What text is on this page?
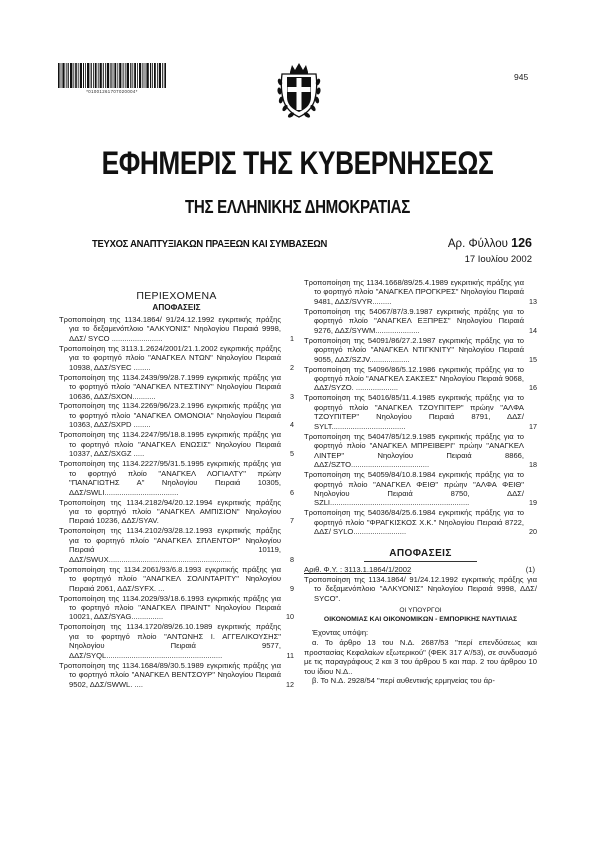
*01001261707020004*
945
ΕΦΗΜΕΡΙΣ ΤΗΣ ΚΥΒΕΡΝΗΣΕΩΣ
ΤΗΣ ΕΛΛΗΝΙΚΗΣ ΔΗΜΟΚΡΑΤΙΑΣ
ΤΕΥΧΟΣ ΑΝΑΠΤΥΞΙΑΚΩΝ ΠΡΑΞΕΩΝ ΚΑΙ ΣΥΜΒΑΣΕΩΝ	Αρ. Φύλλου 126
17 Ιουλίου 2002
ΠΕΡΙΕΧΟΜΕΝΑ
ΑΠΟΦΑΣΕΙΣ
Τροποποίηση της 1134.1864/ 91/24.12.1992 εγκριτικής πράξης για το δεξαμενόπλοιο "ΑΛΚΥΟΝΙΣ" Νηολογίου Πειραιά 9998, ΔΔΣ/ SYCO ........................	1
Τροποποίηση της 3113.1.2624/2001/21.1.2002 εγκριτικής πράξης για το φορτηγό πλοίο "ΑΝΑΓΚΕΛ ΝΤΩΝ" Νηολογίου Πειραιά 10938, ΔΔΣ/SYEC ........	2
Τροποποίηση της 1134.2439/99/28.7.1999 εγκριτικής πράξης για το φορτηγό πλοίο "ΑΝΑΓΚΕΛ ΝΤΕΣΤΙΝΥ" Νηολογίου Πειραιά 10636, ΔΔΣ/SXON...........	3
Τροποποίηση της 1134.2269/96/23.2.1996 εγκριτικής πράξης για το φορτηγό πλοίο "ΑΝΑΓΚΕΛ ΟΜΟΝΟΙΑ" Νηολογίου Πειραιά 10363, ΔΔΣ/SXPD ........	4
Τροποποίηση της 1134.2247/95/18.8.1995 εγκριτικής πράξης για το φορτηγό πλοίο "ΑΝΑΓΚΕΛ ΕΝΩΣΙΣ" Νηολογίου Πειραιά 10337, ΔΔΣ/SXGZ .....	5
Τροποποίηση της 1134.2227/95/31.5.1995 εγκριτικής πράξης για το φορτηγό πλοίο "ΑΝΑΓΚΕΛ ΛΟΓΙΑΛΤΥ" πρώην "ΠΑΝΑΓΙΩΤΗΣ Α" Νηολογίου Πειραιά 10305, ΔΔΣ/SWLI...................................	6
Τροποποίηση της 1134.2182/94/20.12.1994 εγκριτικής πράξης για το φορτηγό πλοίο "ΑΝΑΓΚΕΛ ΑΜΠΙΣΙΟΝ" Νηολογίου Πειραιά 10236, ΔΔΣ/SYAV.	7
Τροποποίηση της 1134.2102/93/28.12.1993 εγκριτικής πράξης για το φορτηγό πλοίο "ΑΝΑΓΚΕΛ ΣΠΛΕΝΤΟΡ" Νηολογίου Πειραιά 10119, ΔΔΣ/SWUX..........................................................	8
Τροποποίηση της 1134.2061/93/6.8.1993 εγκριτικής πράξης για το φορτηγό πλοίο "ΑΝΑΓΚΕΛ ΣΟΛΙΝΤΑΡΙΤΥ" Νηολογίου Πειραιά 2061, ΔΔΣ/SYFX. ...	9
Τροποποίηση της 1134.2029/93/18.6.1993 εγκριτικής πράξης για το φορτηγό πλοίο "ΑΝΑΓΚΕΛ ΠΡΑΙΝΤ" Νηολογίου Πειραιά 10021, ΔΔΣ/SYAG...............	10
Τροποποίηση της 1134.1720/89/26.10.1989 εγκριτικής πράξης για το φορτηγό πλοίο "ΑΝΤΩΝΗΣ Ι. ΑΓΓΕΛΙΚΟΥΣΗΣ" Νηολογίου Πειραιά 9577, ΔΔΣ/SYQL.......................................................	11
Τροποποίηση της 1134.1684/89/30.5.1989 εγκριτικής πράξης για το φορτηγό πλοίο "ΑΝΑΓΚΕΛ ΒΕΝΤΣΟΥΡ" Νηολογίου Πειραιά 9502, ΔΔΣ/SWWL. ....	12
Τροποποίηση της 1134.1668/89/25.4.1989 εγκριτικής πράξης για το φορτηγό πλοίο "ΑΝΑΓΚΕΛ ΠΡΟΓΚΡΕΣ" Νηολογίου Πειραιά 9481, ΔΔΣ/SVYR.........	13
Τροποποίηση της 54067/87/3.9.1987 εγκριτικής πράξης για το φορτηγό πλοίο "ΑΝΑΓΚΕΛ ΕΞΠΡΕΣ" Νηολογίου Πειραιά 9276, ΔΔΣ/SYWM.....................	14
Τροποποίηση της 54091/86/27.2.1987 εγκριτικής πράξης για το φορτηγό πλοίο "ΑΝΑΓΚΕΛ ΝΤΙΓΚΝΙΤΥ" Νηολογίου Πειραιά 9055, ΔΔΣ/SZJV...................	15
Τροποποίηση της 54096/86/5.12.1986 εγκριτικής πράξης για το φορτηγό πλοίο "ΑΝΑΓΚΕΛ ΣΑΚΣΕΣ" Νηολογίου Πειραιά 9068, ΔΔΣ/SYZO. ....................	16
Τροποποίηση της 54016/85/11.4.1985 εγκριτικής πράξης για το φορτηγό πλοίο "ΑΝΑΓΚΕΛ ΤΖΟΥΠΙΤΕΡ" πρώην "ΑΛΦΑ ΤΖΟΥΠΙΤΕΡ" Νηολογίου Πειραιά 8791, ΔΔΣ/ SYLT...................................	17
Τροποποίηση της 54047/85/12.9.1985 εγκριτικής πράξης για το φορτηγό πλοίο "ΑΝΑΓΚΕΛ ΜΠΡΕΙΒΕΡΙ" πρώην "ΑΝΑΓΚΕΛ ΛΙΝΤΕΡ" Νηολογίου Πειραιά 8866, ΔΔΣ/SZTO.....................................	18
Τροποποίηση της 54059/84/10.8.1984 εγκριτικής πράξης για το φορτηγό πλοίο "ΑΝΑΓΚΕΛ ΦΕΙΘ" πρώην "ΑΛΦΑ ΦΕΙΘ" Νηολογίου Πειραιά 8750, ΔΔΣ/ SZLI..................................................................	19
Τροποποίηση της 54036/84/25.6.1984 εγκριτικής πράξης για το φορτηγό πλοίο "ΦΡΑΓΚΙΣΚΟΣ Χ.Κ." Νηολογίου Πειραιά 8722, ΔΔΣ/ SYLO.........................	20
ΑΠΟΦΑΣΕΙΣ
Αριθ. Φ.Υ. : 3113.1.1864/1/2002	(1)
Τροποποίηση της 1134.1864/ 91/24.12.1992 εγκριτικής πράξης για το δεξαμενόπλοιο "ΑΛΚΥΟΝΙΣ" Νηολογίου Πειραιά 9998, ΔΔΣ/ SYCO".
ΟΙ ΥΠΟΥΡΓΟΙ
ΟΙΚΟΝΟΜΙΑΣ ΚΑΙ ΟΙΚΟΝΟΜΙΚΩΝ - ΕΜΠΟΡΙΚΗΣ ΝΑΥΤΙΛΙΑΣ
Έχοντας υπόψη:
α. Το άρθρο 13 του Ν.Δ. 2687/53 "περί επενδύσεως και προστασίας Κεφαλαίων εξωτερικού" (ΦΕΚ 317 Α'/53), σε συνδυασμό με τις παραγράφους 2 και 3 του άρθρου 5 και παρ. 2 του άρθρου 10 του ίδιου Ν.Δ..
β. Το Ν.Δ. 2928/54 "περί αυθεντικής ερμηνείας του άρ-
